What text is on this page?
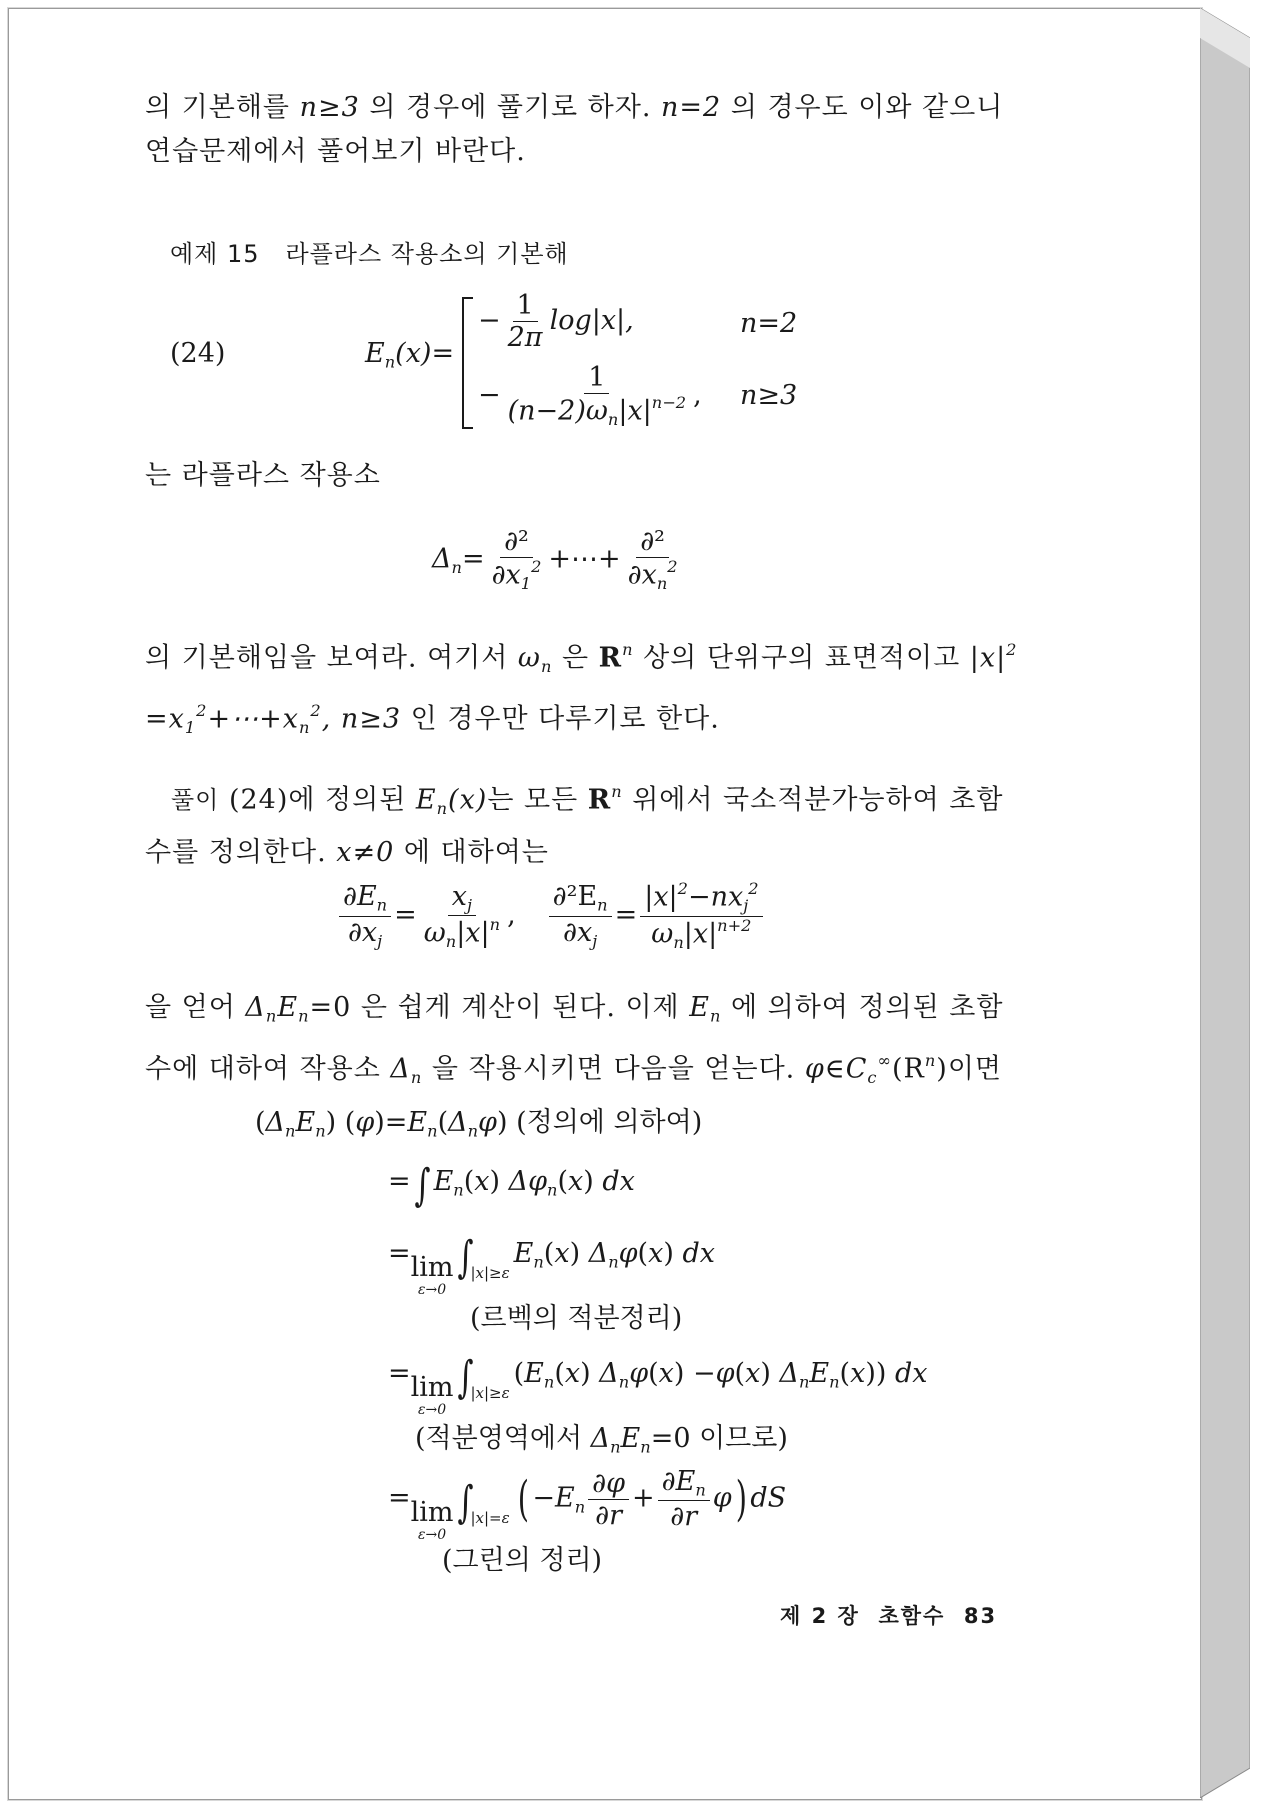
의 기본해를 n≥3 의 경우에 풀기로 하자. n=2 의 경우도 이와 같으니
연습문제에서 풀어보기 바란다.
예제 15 라플라스 작용소의 기본해
(24)	$E_n(x)=$
− $\frac{1}{2\pi} \log|x|$,	n=2
− $\frac{1}{(n-2)\omega_n|x|^{n-2}}$ , n≥3
는 라플라스 작용소
$\Delta_n= \frac{\text{∂²}}{\partial x_1^2}$ +⋯+ $\frac{\text{∂²}}{\partial x_n^2}$
의 기본해임을 보여라. 여기서 $\omega_n$ 은 $R^n$ 상의 단위구의 표면적이고 $|x|^2$
$=x_1^2+\cdots+x_n^2$, n≥3 인 경우만 다루기로 한다.
풀이 (24)에 정의된 $E_n(x)$는 모든 $R^n$ 위에서 국소적분가능하여 초함
수를 정의한다. x≠0 에 대하여는
$\frac{\partial E_n}{\partial x_j} = \frac{x_j}{\omega_n|x|^n}$ , $\frac{\partial^2E_n}{\partial x_j} = \frac{|x|^2-nx_j^2}{\omega_n|x|^{n+2}}$
을 얻어 $\Delta_nE_n=0$ 은 쉽게 계산이 된다. 이제 $E_n$ 에 의하여 정의된 초함
수에 대하여 작용소 $\Delta_n$ 을 작용시키면 다음을 얻는다. $\varphi\in C_c^\infty(R^n)$이면
$(\Delta_nE_n)$ $(\varphi)=E_n(\Delta_n\varphi)$ (정의에 의하여)
=∫ $E_n(x)$ $\Delta\varphi_n(x)$ dx
= lim
ε→0
$\int_{|x|\ge\varepsilon}E_n(x)$ $\Delta_n\varphi(x)$ dx
(르벡의 적분정리)
= lim
ε→0
$\int_{|x|\ge\varepsilon}(E_n(x)$ $\Delta_n\varphi(x) -\varphi(x)$ $\Delta_nE_n(x)$) dx
(적분영역에서 $\Delta_nE_n=0$ 이므로)
= lim
ε→0
$\int_{|x|=\varepsilon}$ ( $-E_n \frac{\partial\varphi}{\partial r} + \frac{\partial E_n}{\partial r} \varphi$) dS
(그린의 정리)
제 2 장 초함수 83
